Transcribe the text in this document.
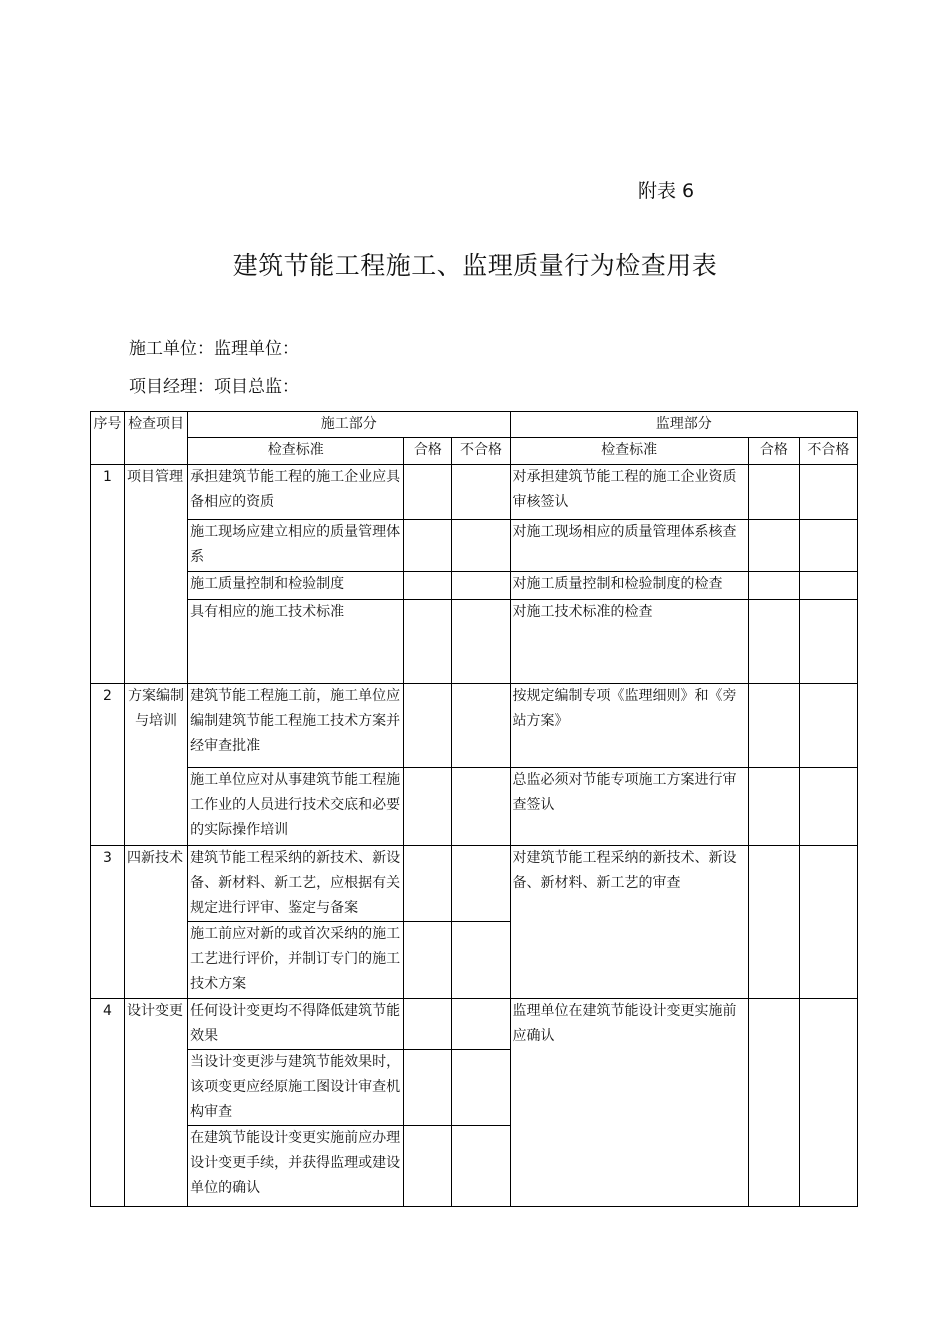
附表 6
建筑节能工程施工、监理质量行为检查用表
施工单位：监理单位：
项目经理：项目总监：
序号	检查项目	施工部分			监理部分		
		检查标准	合格	不合格	检查标准	合格	不合格
1	项目管理	承担建筑节能工程的施工企业应具备相应的资质			对承担建筑节能工程的施工企业资质审核签认		
		施工现场应建立相应的质量管理体系			对施工现场相应的质量管理体系核查		
		施工质量控制和检验制度			对施工质量控制和检验制度的检查		
		具有相应的施工技术标准			对施工技术标准的检查		
2	方案编制与培训	建筑节能工程施工前，施工单位应编制建筑节能工程施工技术方案并经审查批准			按规定编制专项《监理细则》和《旁站方案》		
		施工单位应对从事建筑节能工程施工作业的人员进行技术交底和必要的实际操作培训			总监必须对节能专项施工方案进行审查签认		
3	四新技术	建筑节能工程采纳的新技术、新设备、新材料、新工艺，应根据有关规定进行评审、鉴定与备案			对建筑节能工程采纳的新技术、新设备、新材料、新工艺的审查		
		施工前应对新的或首次采纳的施工工艺进行评价，并制订专门的施工技术方案					
4	设计变更	任何设计变更均不得降低建筑节能效果			监理单位在建筑节能设计变更实施前应确认		
		当设计变更涉与建筑节能效果时，该项变更应经原施工图设计审查机构审查					
		在建筑节能设计变更实施前应办理设计变更手续，并获得监理或建设单位的确认					
